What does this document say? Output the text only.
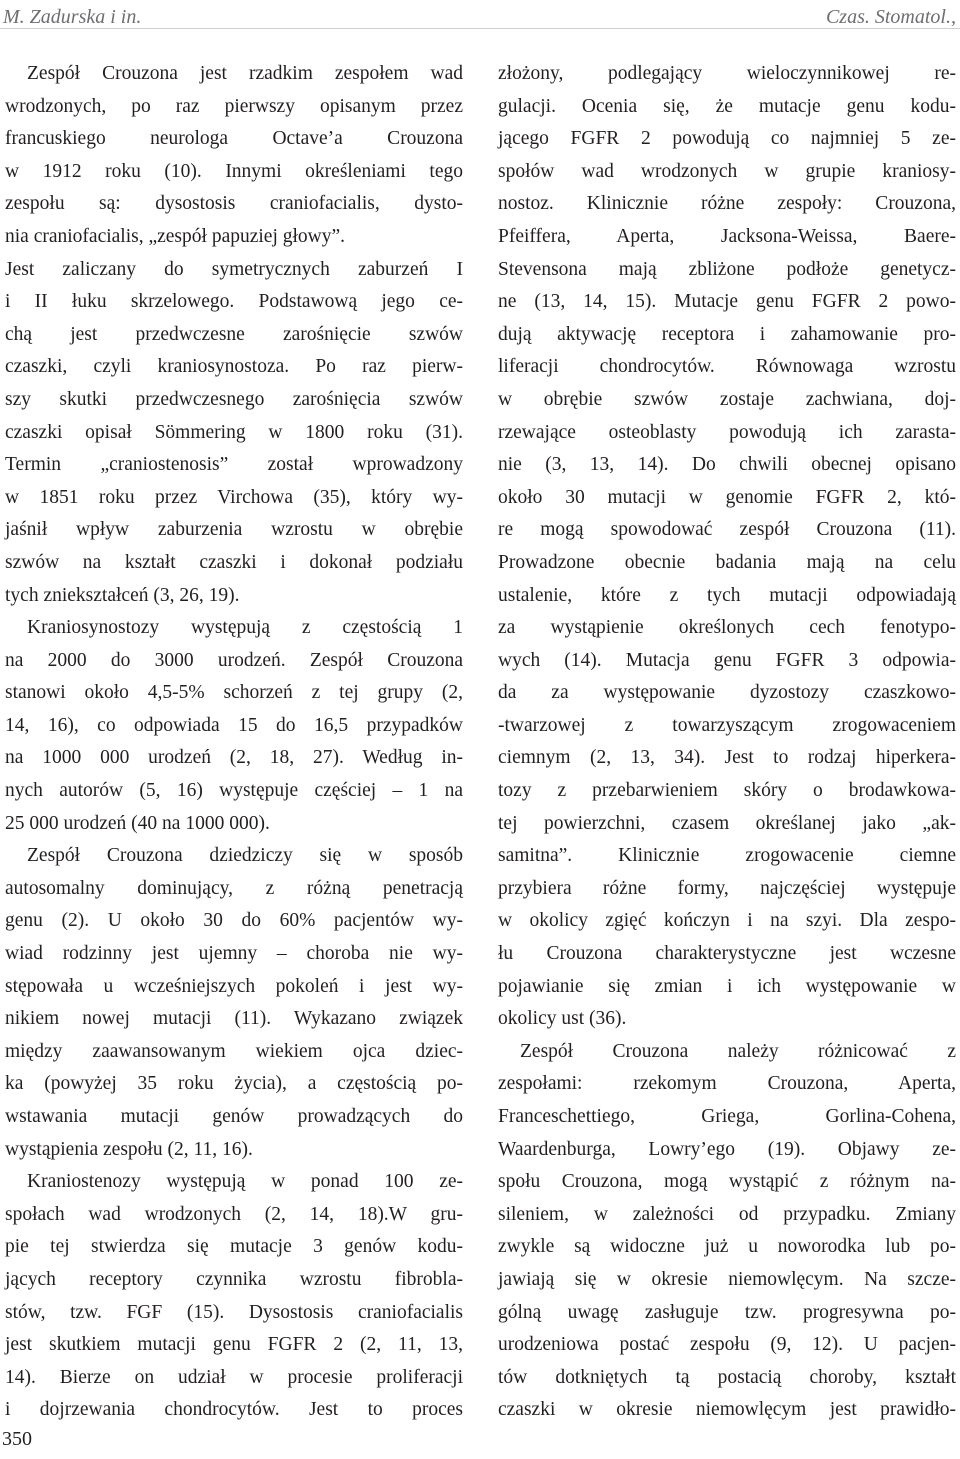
M. Zadurska i in.	Czas. Stomatol.,
Zespół Crouzona jest rzadkim zespołem wad
wrodzonych, po raz pierwszy opisanym przez
francuskiego neurologa Octave’a Crouzona
w 1912 roku (10). Innymi określeniami tego
zespołu są: dysostosis craniofacialis, dysto-
nia craniofacialis, „zespół papuziej głowy”.
Jest zaliczany do symetrycznych zaburzeń I
i II łuku skrzelowego. Podstawową jego ce-
chą jest przedwczesne zarośnięcie szwów
czaszki, czyli kraniosynostoza. Po raz pierw-
szy skutki przedwczesnego zarośnięcia szwów
czaszki opisał Sömmering w 1800 roku (31).
Termin „craniostenosis” został wprowadzony
w 1851 roku przez Virchowa (35), który wy-
jaśnił wpływ zaburzenia wzrostu w obrębie
szwów na kształt czaszki i dokonał podziału
tych zniekształceń (3, 26, 19).
Kraniosynostozy występują z częstością 1
na 2000 do 3000 urodzeń. Zespół Crouzona
stanowi około 4,5-5% schorzeń z tej grupy (2,
14, 16), co odpowiada 15 do 16,5 przypadków
na 1000 000 urodzeń (2, 18, 27). Według in-
nych autorów (5, 16) występuje częściej – 1 na
25 000 urodzeń (40 na 1000 000).
Zespół Crouzona dziedziczy się w sposób
autosomalny dominujący, z różną penetracją
genu (2). U około 30 do 60% pacjentów wy-
wiad rodzinny jest ujemny – choroba nie wy-
stępowała u wcześniejszych pokoleń i jest wy-
nikiem nowej mutacji (11). Wykazano związek
między zaawansowanym wiekiem ojca dziec-
ka (powyżej 35 roku życia), a częstością po-
wstawania mutacji genów prowadzących do
wystąpienia zespołu (2, 11, 16).
Kraniostenozy występują w ponad 100 ze-
społach wad wrodzonych (2, 14, 18).W gru-
pie tej stwierdza się mutacje 3 genów kodu-
jących receptory czynnika wzrostu fibrobla-
stów, tzw. FGF (15). Dysostosis craniofacialis
jest skutkiem mutacji genu FGFR 2 (2, 11, 13,
14). Bierze on udział w procesie proliferacji
i dojrzewania chondrocytów. Jest to proces
złożony, podlegający wieloczynnikowej re-
gulacji. Ocenia się, że mutacje genu kodu-
jącego FGFR 2 powodują co najmniej 5 ze-
społów wad wrodzonych w grupie kraniosy-
nostoz. Klinicznie różne zespoły: Crouzona,
Pfeiffera, Aperta, Jacksona-Weissa, Baere-
Stevensona mają zbliżone podłoże genetycz-
ne (13, 14, 15). Mutacje genu FGFR 2 powo-
dują aktywację receptora i zahamowanie pro-
liferacji chondrocytów. Równowaga wzrostu
w obrębie szwów zostaje zachwiana, doj-
rzewające osteoblasty powodują ich zarasta-
nie (3, 13, 14). Do chwili obecnej opisano
około 30 mutacji w genomie FGFR 2, któ-
re mogą spowodować zespół Crouzona (11).
Prowadzone obecnie badania mają na celu
ustalenie, które z tych mutacji odpowiadają
za wystąpienie określonych cech fenotypo-
wych (14). Mutacja genu FGFR 3 odpowia-
da za występowanie dyzostozy czaszkowo-
-twarzowej z towarzyszącym zrogowaceniem
ciemnym (2, 13, 34). Jest to rodzaj hiperkera-
tozy z przebarwieniem skóry o brodawkowa-
tej powierzchni, czasem określanej jako „ak-
samitna”. Klinicznie zrogowacenie ciemne
przybiera różne formy, najczęściej występuje
w okolicy zgięć kończyn i na szyi. Dla zespo-
łu Crouzona charakterystyczne jest wczesne
pojawianie się zmian i ich występowanie w
okolicy ust (36).
Zespół Crouzona należy różnicować z
zespołami: rzekomym Crouzona, Aperta,
Franceschettiego, Griega, Gorlina-Cohena,
Waardenburga, Lowry’ego (19). Objawy ze-
społu Crouzona, mogą wystąpić z różnym na-
sileniem, w zależności od przypadku. Zmiany
zwykle są widoczne już u noworodka lub po-
jawiają się w okresie niemowlęcym. Na szcze-
gólną uwagę zasługuje tzw. progresywna po-
urodzeniowa postać zespołu (9, 12). U pacjen-
tów dotkniętych tą postacią choroby, kształt
czaszki w okresie niemowlęcym jest prawidło-
350
